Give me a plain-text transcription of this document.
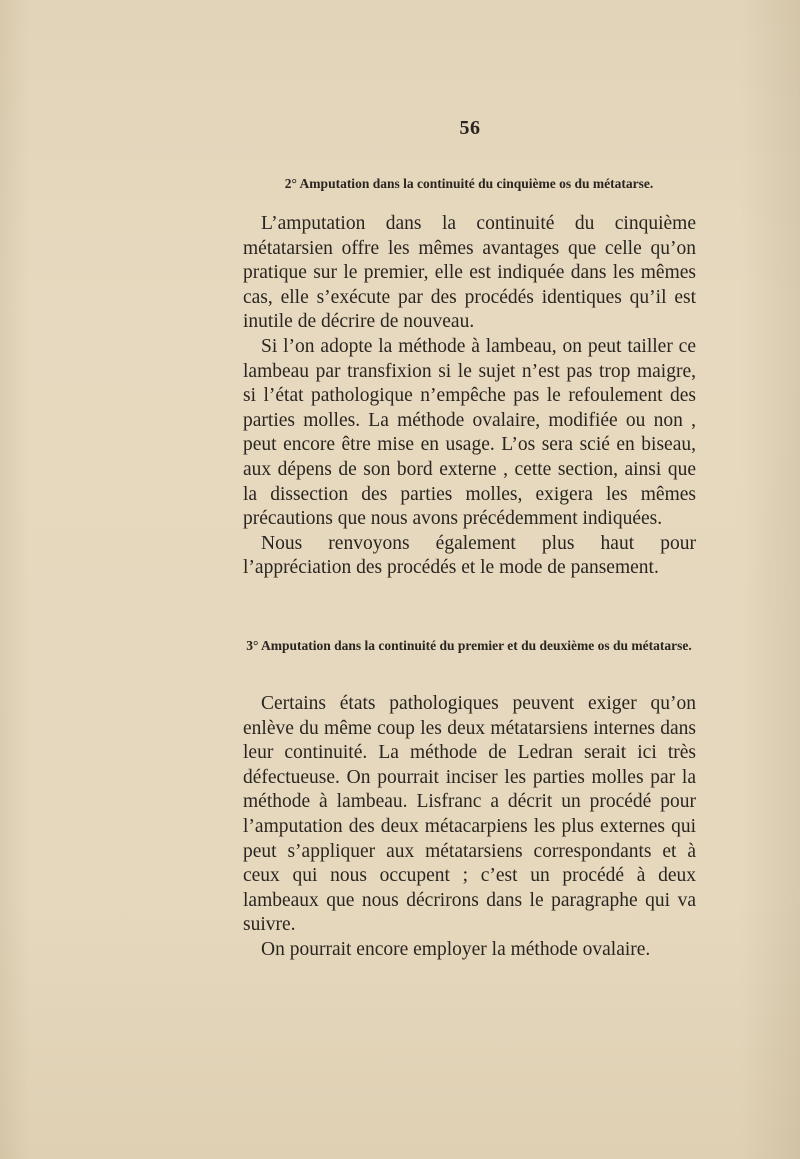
56
2° Amputation dans la continuité du cinquième os du métatarse.

L’amputation dans la continuité du cinquième métatarsien offre les mêmes avantages que celle qu’on pratique sur le premier, elle est indiquée dans les mêmes cas, elle s’exécute par des procédés identiques qu’il est inutile de décrire de nouveau.

Si l’on adopte la méthode à lambeau, on peut tailler ce lambeau par transfixion si le sujet n’est pas trop maigre, si l’état pathologique n’empêche pas le refoulement des parties molles. La méthode ovalaire, modifiée ou non , peut encore être mise en usage. L’os sera scié en biseau, aux dépens de son bord externe , cette section, ainsi que la dissection des parties molles, exigera les mêmes précautions que nous avons précédemment indiquées.

Nous renvoyons également plus haut pour l’appréciation des procédés et le mode de pansement.

3° Amputation dans la continuité du premier et du deuxième os du métatarse.

Certains états pathologiques peuvent exiger qu’on enlève du même coup les deux métatarsiens internes dans leur continuité. La méthode de Ledran serait ici très défectueuse. On pourrait inciser les parties molles par la méthode à lambeau. Lisfranc a décrit un procédé pour l’amputation des deux métacarpiens les plus externes qui peut s’appliquer aux métatarsiens correspondants et à ceux qui nous occupent ; c’est un procédé à deux lambeaux que nous décrirons dans le paragraphe qui va suivre.

On pourrait encore employer la méthode ovalaire.
